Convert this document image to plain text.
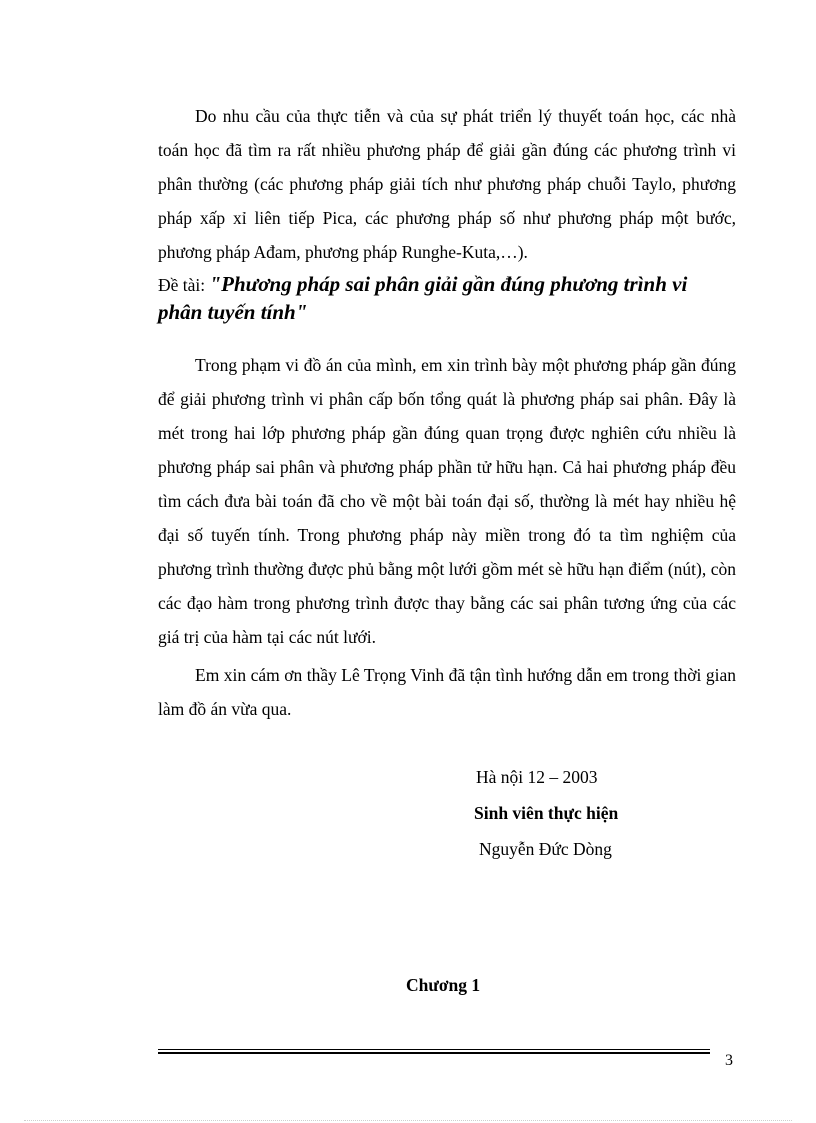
Do nhu cầu của thực tiễn và của sự phát triển lý thuyết toán học, các nhà toán học đã tìm ra rất nhiều phương pháp để giải gần đúng các phương trình vi phân thường (các phương pháp giải tích như phương pháp chuỗi Taylo, phương pháp xấp xỉ liên tiếp Pica, các phương pháp số như phương pháp một bước, phương pháp Ađam, phương pháp Runghe-Kuta,…).

Đề tài: "Phương pháp sai phân giải gần đúng phương trình vi phân tuyến tính"

Trong phạm vi đồ án của mình, em xin trình bày một phương pháp gần đúng để giải phương trình vi phân cấp bốn tổng quát là phương pháp sai phân. Đây là mét trong hai lớp phương pháp gần đúng quan trọng được nghiên cứu nhiều là phương pháp sai phân và phương pháp phần tử hữu hạn. Cả hai phương pháp đều tìm cách đưa bài toán đã cho về một bài toán đại số, thường là mét hay nhiều hệ đại số tuyến tính. Trong phương pháp này miền trong đó ta tìm nghiệm của phương trình thường được phủ bằng một lưới gồm mét sè hữu hạn điểm (nút), còn các đạo hàm trong phương trình được thay bằng các sai phân tương ứng của các giá trị của hàm tại các nút lưới.

Em xin cám ơn thầy Lê Trọng Vinh đã tận tình hướng dẫn em trong thời gian làm đồ án vừa qua.

Hà nội 12 – 2003
Sinh viên thực hiện
Nguyễn Đức Dòng
Chương 1
3
